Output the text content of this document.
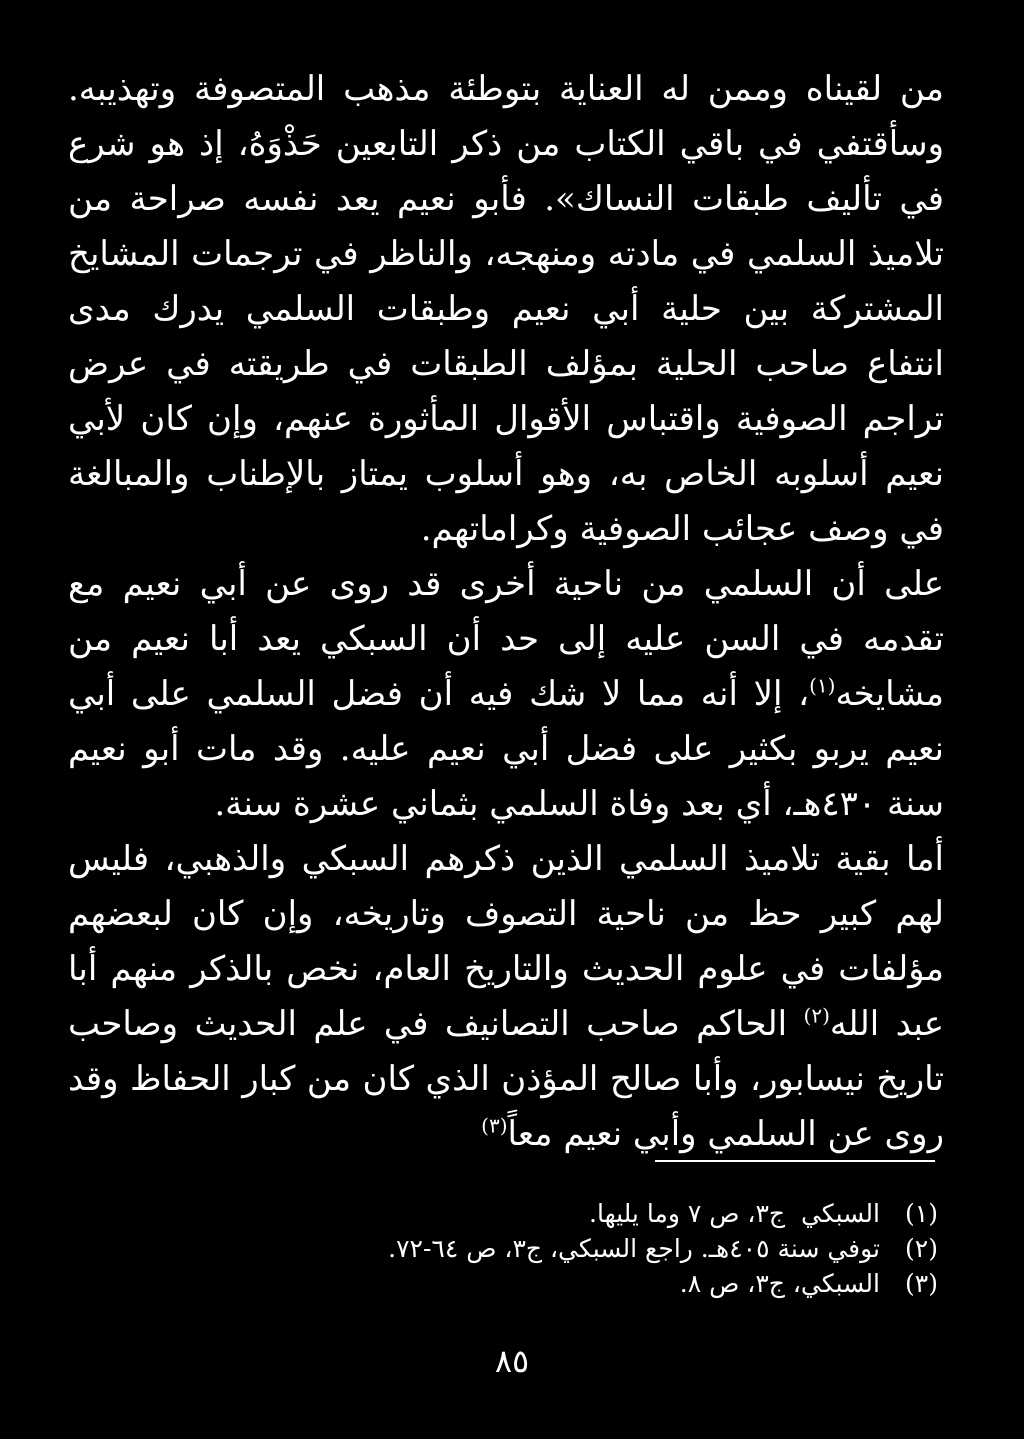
من لقيناه وممن له العناية بتوطئة مذهب المتصوفة وتهذيبه. وسأقتفي في باقي الكتاب من ذكر التابعين حَذْوَهُ، إذ هو شرع في تأليف طبقات النساك». فأبو نعيم يعد نفسه صراحة من تلاميذ السلمي في مادته ومنهجه، والناظر في ترجمات المشايخ المشتركة بين حلية أبي نعيم وطبقات السلمي يدرك مدى انتفاع صاحب الحلية بمؤلف الطبقات في طريقته في عرض تراجم الصوفية واقتباس الأقوال المأثورة عنهم، وإن كان لأبي نعيم أسلوبه الخاص به، وهو أسلوب يمتاز بالإطناب والمبالغة في وصف عجائب الصوفية وكراماتهم.

على أن السلمي من ناحية أخرى قد روى عن أبي نعيم مع تقدمه في السن عليه إلى حد أن السبكي يعد أبا نعيم من مشايخه$^{(١)}$، إلا أنه مما لا شك فيه أن فضل السلمي على أبي نعيم يربو بكثير على فضل أبي نعيم عليه. وقد مات أبو نعيم سنة ٤٣٠هـ، أي بعد وفاة السلمي بثماني عشرة سنة.

أما بقية تلاميذ السلمي الذين ذكرهم السبكي والذهبي، فليس لهم كبير حظ من ناحية التصوف وتاريخه، وإن كان لبعضهم مؤلفات في علوم الحديث والتاريخ العام، نخص بالذكر منهم أبا عبد الله$^{(٢)}$ الحاكم صاحب التصانيف في علم الحديث وصاحب تاريخ نيسابور، وأبا صالح المؤذن الذي كان من كبار الحفاظ وقد روى عن السلمي وأبي نعيم معاً$^{(٣)}$

(١)
السبكي ‌‌‌‌‌‌‌‌‌‌ ج٣، ص ٧ وما يليها.
(٢)
توفي سنة ٤٠٥هـ. راجع السبكي، ج٣، ص ٦٤-٧٢.
(٣)
السبكي، ج٣، ص ٨.
٨٥
